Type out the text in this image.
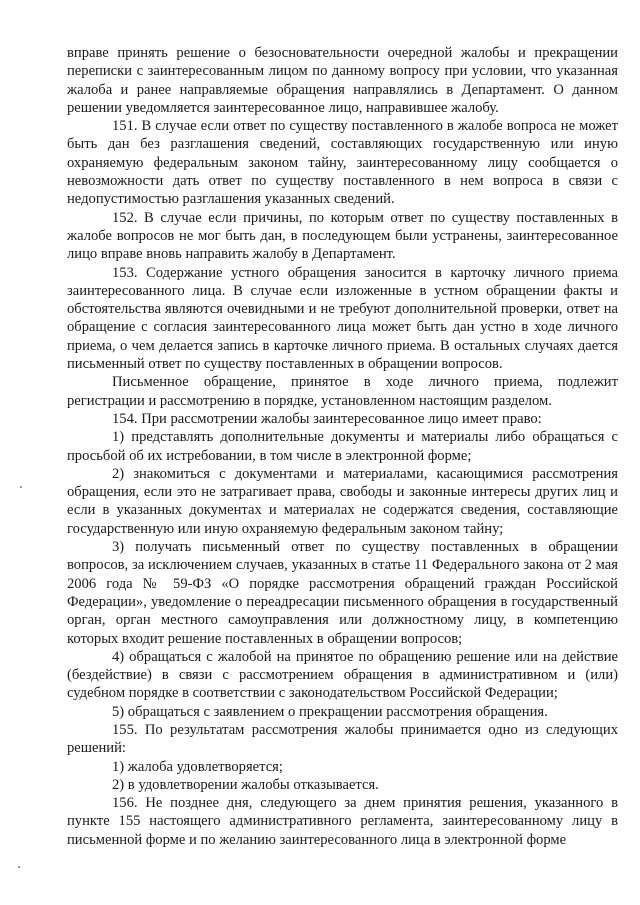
вправе принять решение о безосновательности очередной жалобы и прекращении переписки с заинтересованным лицом по данному вопросу при условии, что указанная жалоба и ранее направляемые обращения направлялись в Департамент. О данном решении уведомляется заинтересованное лицо, направившее жалобу.

151. В случае если ответ по существу поставленного в жалобе вопроса не может быть дан без разглашения сведений, составляющих государственную или иную охраняемую федеральным законом тайну, заинтересованному лицу сообщается о невозможности дать ответ по существу поставленного в нем вопроса в связи с недопустимостью разглашения указанных сведений.

152. В случае если причины, по которым ответ по существу поставленных в жалобе вопросов не мог быть дан, в последующем были устранены, заинтересованное лицо вправе вновь направить жалобу в Департамент.

153. Содержание устного обращения заносится в карточку личного приема заинтересованного лица. В случае если изложенные в устном обращении факты и обстоятельства являются очевидными и не требуют дополнительной проверки, ответ на обращение с согласия заинтересованного лица может быть дан устно в ходе личного приема, о чем делается запись в карточке личного приема. В остальных случаях дается письменный ответ по существу поставленных в обращении вопросов.

Письменное обращение, принятое в ходе личного приема, подлежит регистрации и рассмотрению в порядке, установленном настоящим разделом.

154. При рассмотрении жалобы заинтересованное лицо имеет право:

1) представлять дополнительные документы и материалы либо обращаться с просьбой об их истребовании, в том числе в электронной форме;

2) знакомиться с документами и материалами, касающимися рассмотрения обращения, если это не затрагивает права, свободы и законные интересы других лиц и если в указанных документах и материалах не содержатся сведения, составляющие государственную или иную охраняемую федеральным законом тайну;

3) получать письменный ответ по существу поставленных в обращении вопросов, за исключением случаев, указанных в статье 11 Федерального закона от 2 мая 2006 года № 59-ФЗ «О порядке рассмотрения обращений граждан Российской Федерации», уведомление о переадресации письменного обращения в государственный орган, орган местного самоуправления или должностному лицу, в компетенцию которых входит решение поставленных в обращении вопросов;

4) обращаться с жалобой на принятое по обращению решение или на действие (бездействие) в связи с рассмотрением обращения в административном и (или) судебном порядке в соответствии с законодательством Российской Федерации;

5) обращаться с заявлением о прекращении рассмотрения обращения.

155. По результатам рассмотрения жалобы принимается одно из следующих решений:

1) жалоба удовлетворяется;

2) в удовлетворении жалобы отказывается.

156. Не позднее дня, следующего за днем принятия решения, указанного в пункте 155 настоящего административного регламента, заинтересованному лицу в письменной форме и по желанию заинтересованного лица в электронной форме
